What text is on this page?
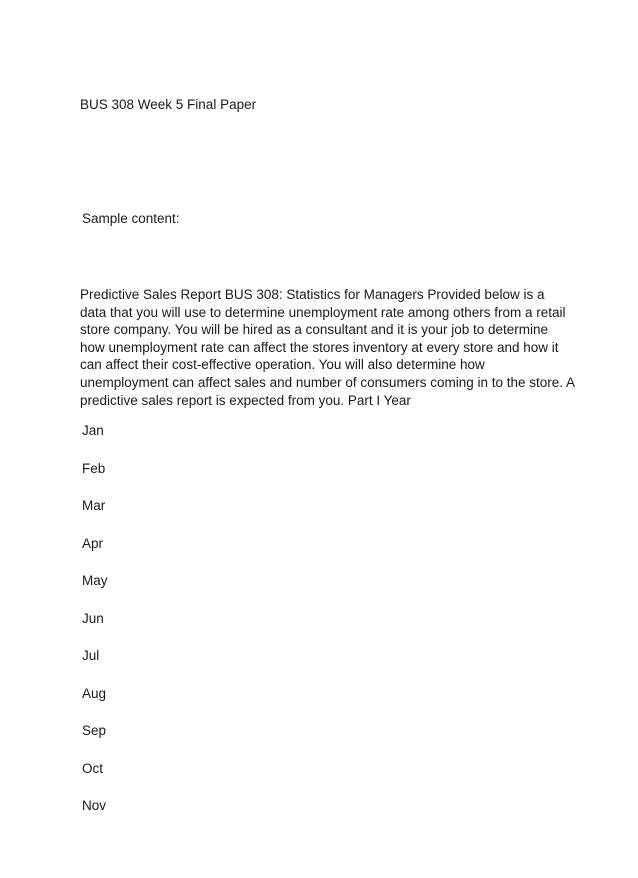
BUS 308 Week 5 Final Paper

Sample content:

Predictive Sales Report BUS 308: Statistics for Managers Provided below is a
data that you will use to determine unemployment rate among others from a retail
store company. You will be hired as a consultant and it is your job to determine
how unemployment rate can affect the stores inventory at every store and how it
can affect their cost-effective operation. You will also determine how
unemployment can affect sales and number of consumers coming in to the store. A
predictive sales report is expected from you. Part I Year

Jan
Feb
Mar
Apr
May
Jun
Jul
Aug
Sep
Oct
Nov
